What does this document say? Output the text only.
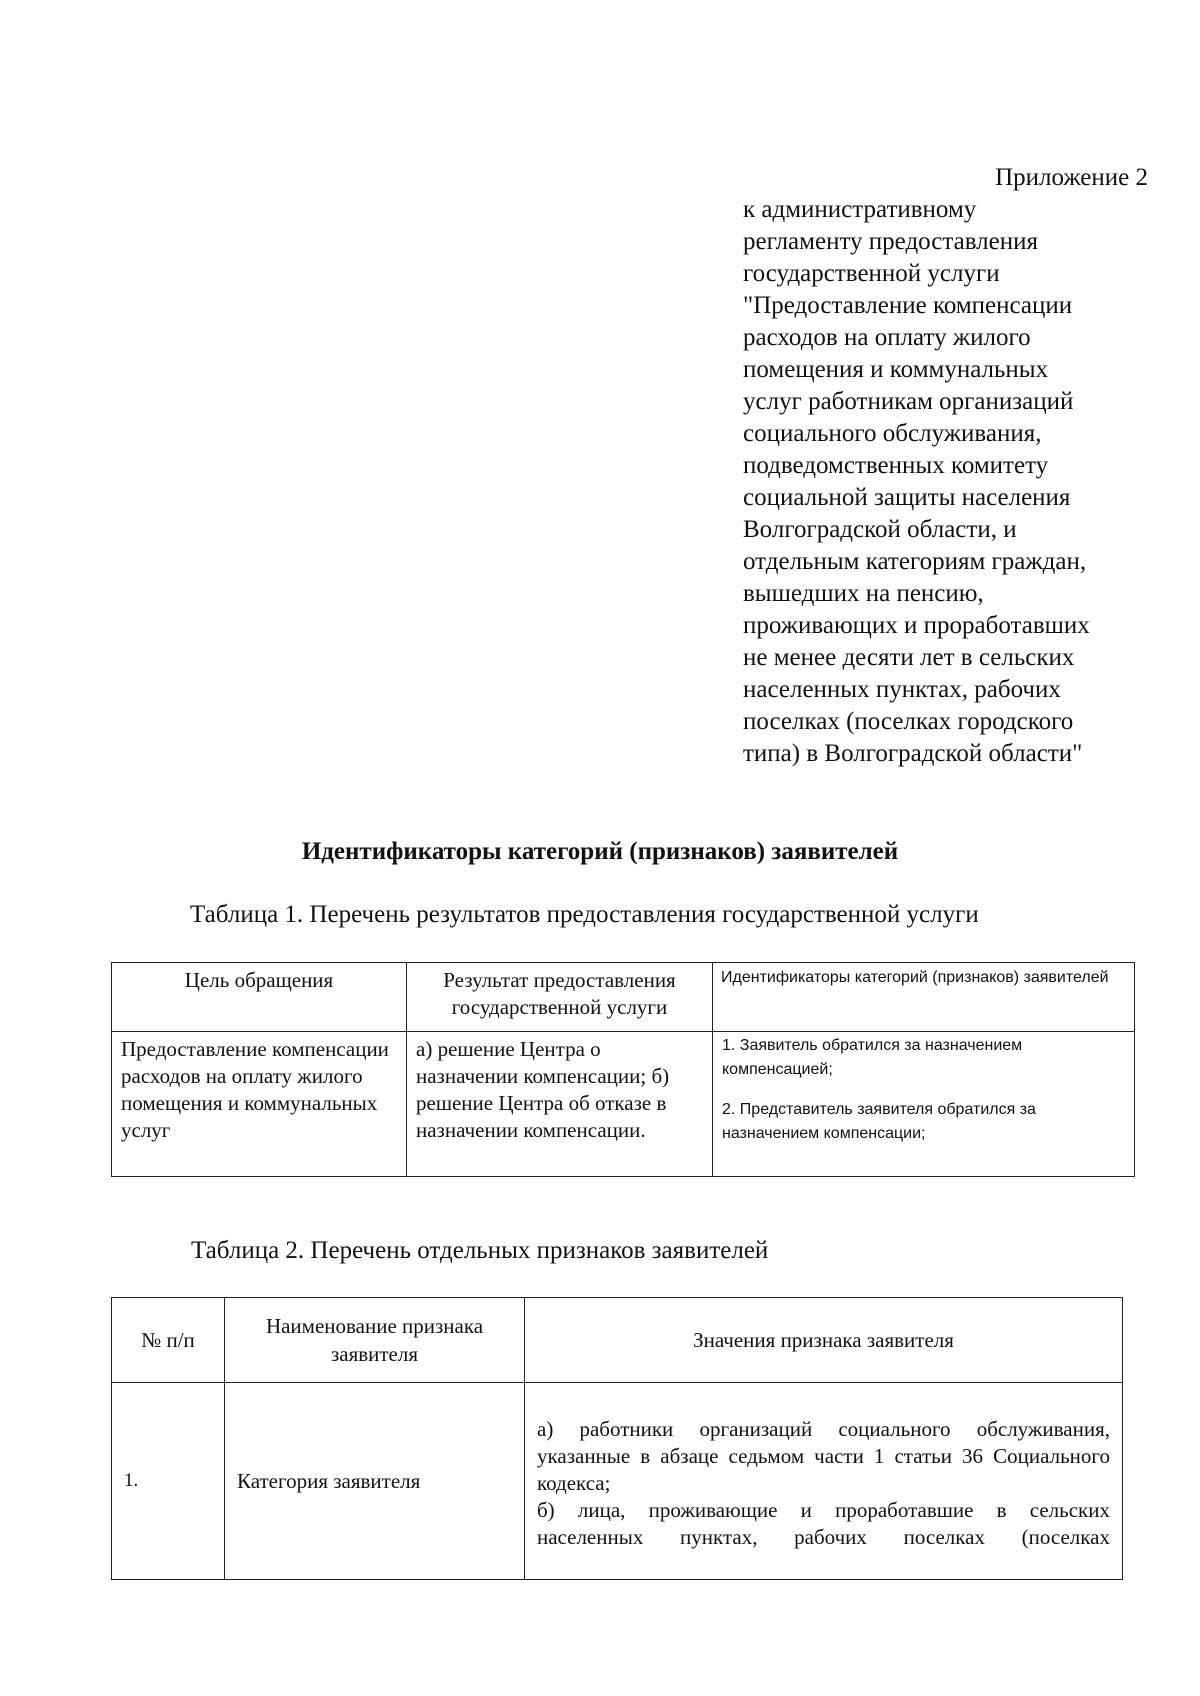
Приложение 2
к административному
регламенту предоставления
государственной услуги
"Предоставление компенсации
расходов на оплату жилого
помещения и коммунальных
услуг работникам организаций
социального обслуживания,
подведомственных комитету
социальной защиты населения
Волгоградской области, и
отдельным категориям граждан,
вышедших на пенсию,
проживающих и проработавших
не менее десяти лет в сельских
населенных пунктах, рабочих
поселках (поселках городского
типа) в Волгоградской области"
Идентификаторы категорий (признаков) заявителей
Таблица 1. Перечень результатов предоставления государственной услуги
Цель обращения	Результат предоставления государственной услуги	Идентификаторы категорий (признаков) заявителей
Предоставление компенсации расходов на оплату жилого помещения и коммунальных услуг	а) решение Центра о назначении компенсации; б) решение Центра об отказе в назначении компенсации.	1. Заявитель обратился за назначением компенсацией;
2. Представитель заявителя обратился за назначением компенсации;
Таблица 2. Перечень отдельных признаков заявителей
№ п/п	Наименование признака заявителя	Значения признака заявителя
1.	Категория заявителя	а) работники организаций социального обслуживания, указанные в абзаце седьмом части 1 статьи 36 Социального кодекса;
б) лица, проживающие и проработавшие в сельских населенных пунктах, рабочих поселках (поселках
